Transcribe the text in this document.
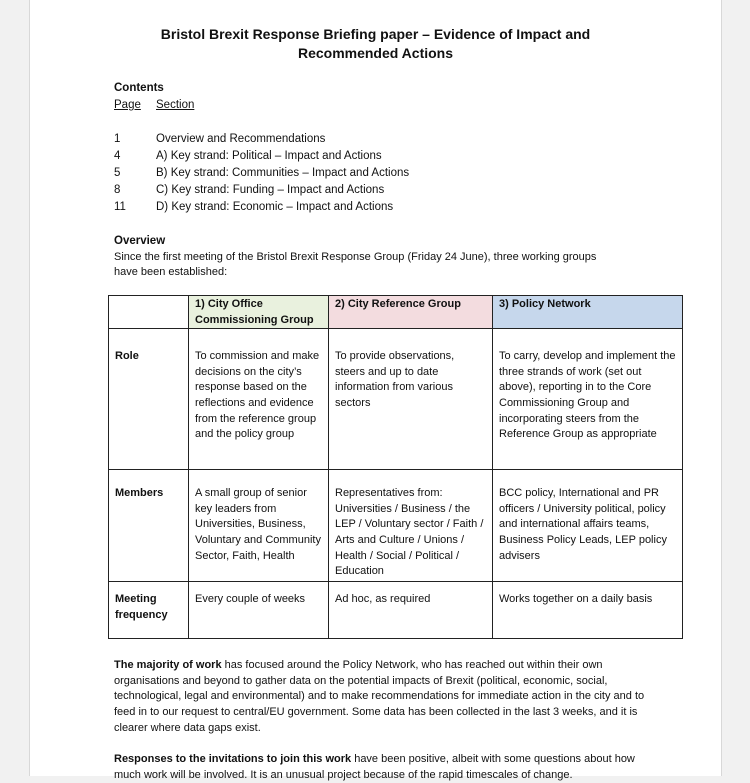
Bristol Brexit Response Briefing paper – Evidence of Impact and
Recommended Actions
Contents
Page Section
1	Overview and Recommendations
4	A) Key strand: Political – Impact and Actions
5	B) Key strand: Communities – Impact and Actions
8	C) Key strand: Funding – Impact and Actions
11	D) Key strand: Economic – Impact and Actions
Overview
Since the first meeting of the Bristol Brexit Response Group (Friday 24 June), three working groups
have been established:
	1) City Office Commissioning Group	2) City Reference Group	3) Policy Network
Role	To commission and make decisions on the city’s response based on the reflections and evidence from the reference group and the policy group	To provide observations, steers and up to date information from various sectors	To carry, develop and implement the three strands of work (set out above), reporting in to the Core Commissioning Group and incorporating steers from the Reference Group as appropriate
Members	A small group of senior key leaders from Universities, Business, Voluntary and Community Sector, Faith, Health	Representatives from: Universities / Business / the LEP / Voluntary sector / Faith / Arts and Culture / Unions / Health / Social / Political / Education	BCC policy, International and PR officers / University political, policy and international affairs teams, Business Policy Leads, LEP policy advisers
Meeting frequency	Every couple of weeks	Ad hoc, as required	Works together on a daily basis
The majority of work has focused around the Policy Network, who has reached out within their own organisations and beyond to gather data on the potential impacts of Brexit (political, economic, social, technological, legal and environmental) and to make recommendations for immediate action in the city and to feed in to our request to central/EU government. Some data has been collected in the last 3 weeks, and it is clearer where data gaps exist.
Responses to the invitations to join this work have been positive, albeit with some questions about how much work will be involved. It is an unusual project because of the rapid timescales of change.
